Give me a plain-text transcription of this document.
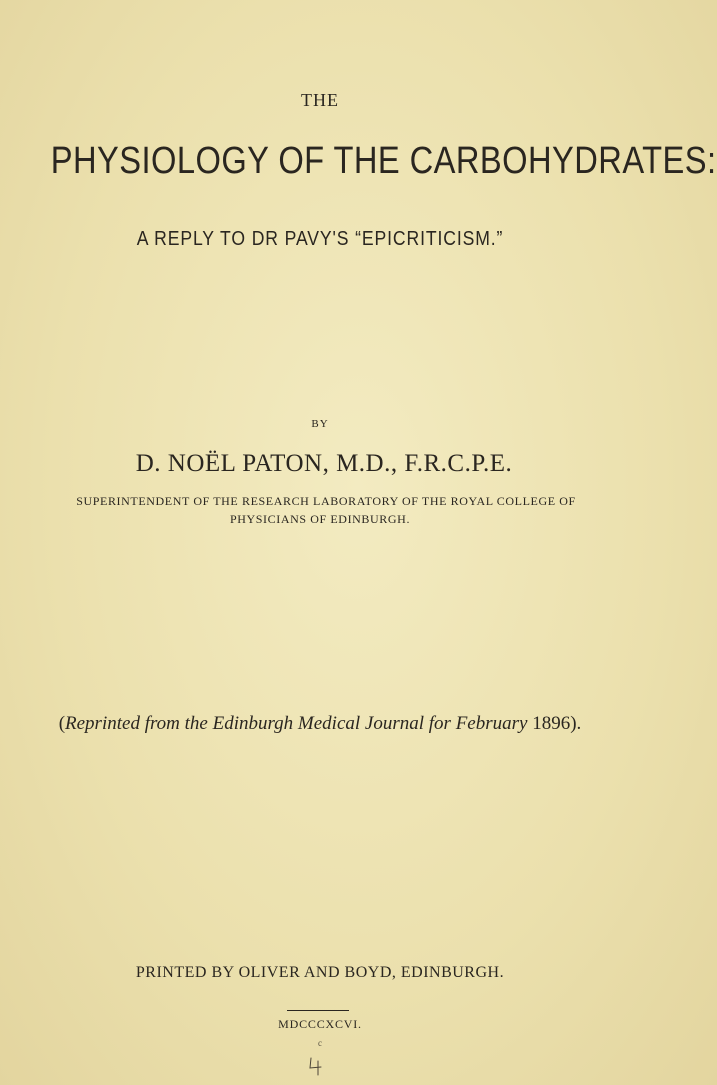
THE
PHYSIOLOGY OF THE CARBOHYDRATES:
A REPLY TO DR PAVY'S “EPICRITICISM.”
BY
D. NOËL PATON, M.D., F.R.C.P.E.
SUPERINTENDENT OF THE RESEARCH LABORATORY OF THE ROYAL COLLEGE OF
PHYSICIANS OF EDINBURGH.
(Reprinted from the Edinburgh Medical Journal for February 1896).
PRINTED BY OLIVER AND BOYD, EDINBURGH.
MDCCCXCVI.
c
